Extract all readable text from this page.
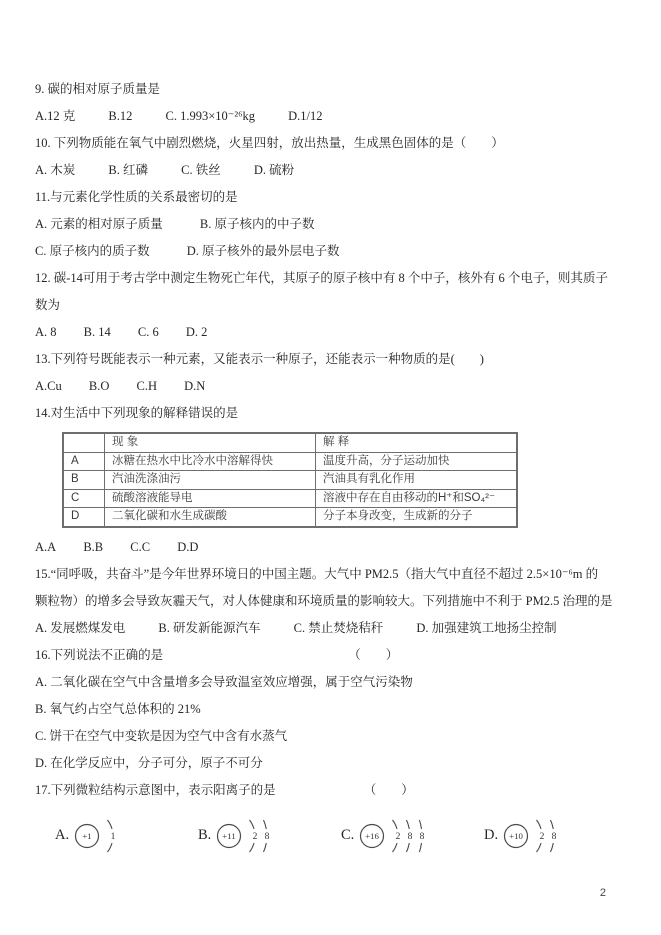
9. 碳的相对原子质量是
A.12 克	B.12	C. 1.993×10⁻²⁶kg	D.1/12
10. 下列物质能在氧气中剧烈燃烧，火星四射，放出热量，生成黑色固体的是（　　）
A. 木炭	B. 红磷	C. 铁丝	D. 硫粉
11.与元素化学性质的关系最密切的是
A. 元素的相对原子质量	B. 原子核内的中子数
C. 原子核内的质子数	D. 原子核外的最外层电子数
12. 碳-14可用于考古学中测定生物死亡年代，其原子的原子核中有 8 个中子，核外有 6 个电子，则其质子
数为
A. 8 B. 14 C. 6 D. 2
13.下列符号既能表示一种元素，又能表示一种原子，还能表示一种物质的是(　　)
A.Cu B.O C.H D.N
14.对生活中下列现象的解释错误的是
	现 象	解 释
A	冰糖在热水中比冷水中溶解得快	温度升高，分子运动加快
B	汽油洗涤油污	汽油具有乳化作用
C	硫酸溶液能导电	溶液中存在自由移动的H⁺和SO₄²⁻
D	二氧化碳和水生成碳酸	分子本身改变，生成新的分子
A.A B.B C.C D.D
15.“同呼吸，共奋斗”是今年世界环境日的中国主题。大气中 PM2.5（指大气中直径不超过 2.5×10⁻⁶m 的
颗粒物）的增多会导致灰霾天气，对人体健康和环境质量的影响较大。下列措施中不利于 PM2.5 治理的是
A. 发展燃煤发电	B. 研发新能源汽车	C. 禁止焚烧秸秆	D. 加强建筑工地扬尘控制
16.下列说法不正确的是	（　　）
A. 二氧化碳在空气中含量增多会导致温室效应增强，属于空气污染物
B. 氧气约占空气总体积的 21%
C. 饼干在空气中变软是因为空气中含有水蒸气
D. 在化学反应中，分子可分，原子不可分
17.下列微粒结构示意图中，表示阳离子的是	（　　）
A. +1 1	B. +11 2 8	C. +16 2 8 8	D. +10 2 8
2
